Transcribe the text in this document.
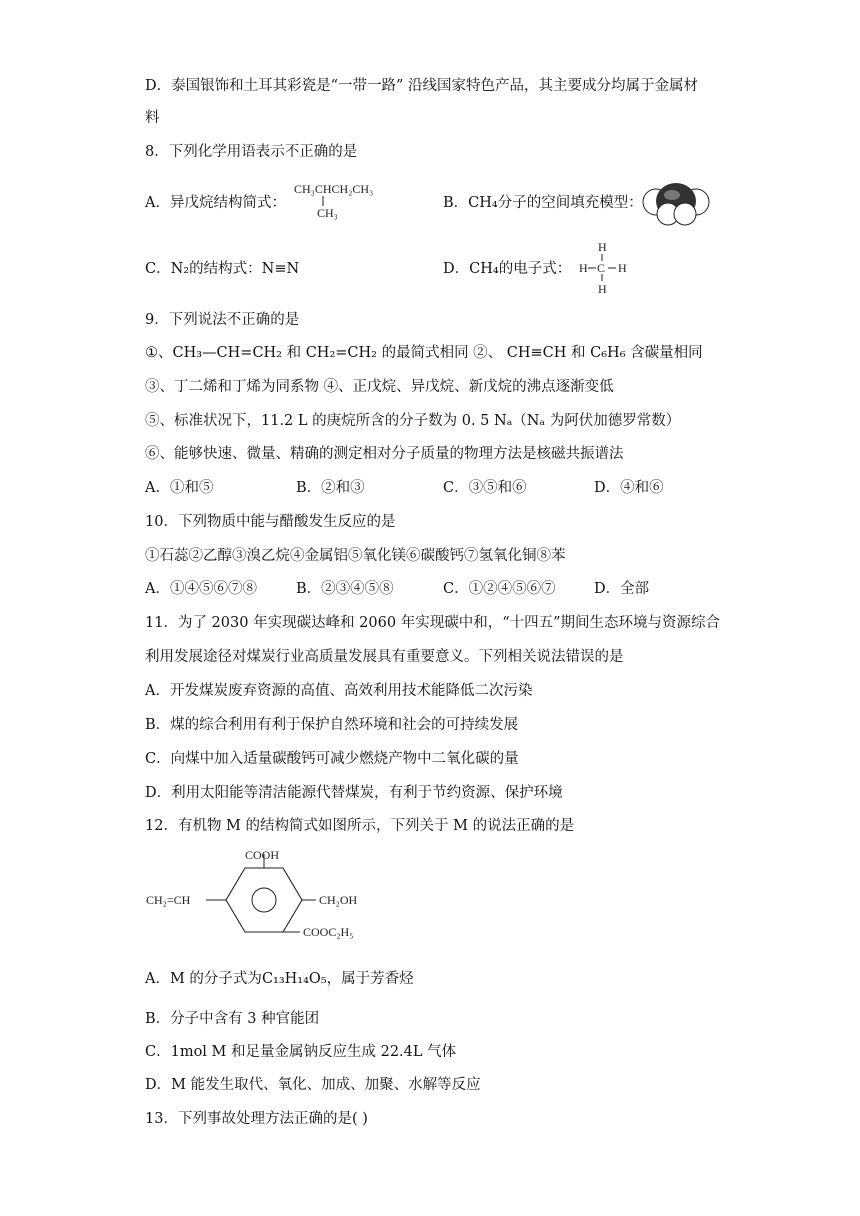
D．泰国银饰和土耳其彩瓷是“一带一路” 沿线国家特色产品，其主要成分均属于金属材
料
8．下列化学用语表示不正确的是
A．异戊烷结构简式：
CH₃CHCH₂CH₃
CH₃
B．CH₄分子的空间填充模型：
C．N₂的结构式：N≡N	D．CH₄的电子式：
H
H C H
H
9．下列说法不正确的是
①、CH₃—CH=CH₂ 和 CH₂=CH₂ 的最简式相同 ②、 CH≡CH 和 C₆H₆ 含碳量相同
③、丁二烯和丁烯为同系物 ④、正戊烷、异戊烷、新戊烷的沸点逐渐变低
⑤、标准状况下，11.2 L 的庚烷所含的分子数为 0. 5 Nₐ（Nₐ 为阿伏加德罗常数）
⑥、能够快速、微量、精确的测定相对分子质量的物理方法是核磁共振谱法
A．①和⑤	B．②和③	C．③⑤和⑥	D．④和⑥
10．下列物质中能与醋酸发生反应的是
①石蕊②乙醇③溴乙烷④金属铝⑤氧化镁⑥碳酸钙⑦氢氧化铜⑧苯
A．①④⑤⑥⑦⑧	B．②③④⑤⑧	C．①②④⑤⑥⑦	D．全部
11．为了 2030 年实现碳达峰和 2060 年实现碳中和，“十四五”期间生态环境与资源综合
利用发展途径对煤炭行业高质量发展具有重要意义。下列相关说法错误的是
A．开发煤炭废弃资源的高值、高效利用技术能降低二次污染
B．煤的综合利用有利于保护自然环境和社会的可持续发展
C．向煤中加入适量碳酸钙可减少燃烧产物中二氧化碳的量
D．利用太阳能等清洁能源代替煤炭，有利于节约资源、保护环境
12．有机物 M 的结构简式如图所示，下列关于 M 的说法正确的是
COOH
CH₂=CH	CH₂OH
COOC₂H₅
A．M 的分子式为C₁₃H₁₄O₅，属于芳香烃
B．分子中含有 3 种官能团
C．1mol M 和足量金属钠反应生成 22.4L 气体
D．M 能发生取代、氧化、加成、加聚、水解等反应
13．下列事故处理方法正确的是( )
